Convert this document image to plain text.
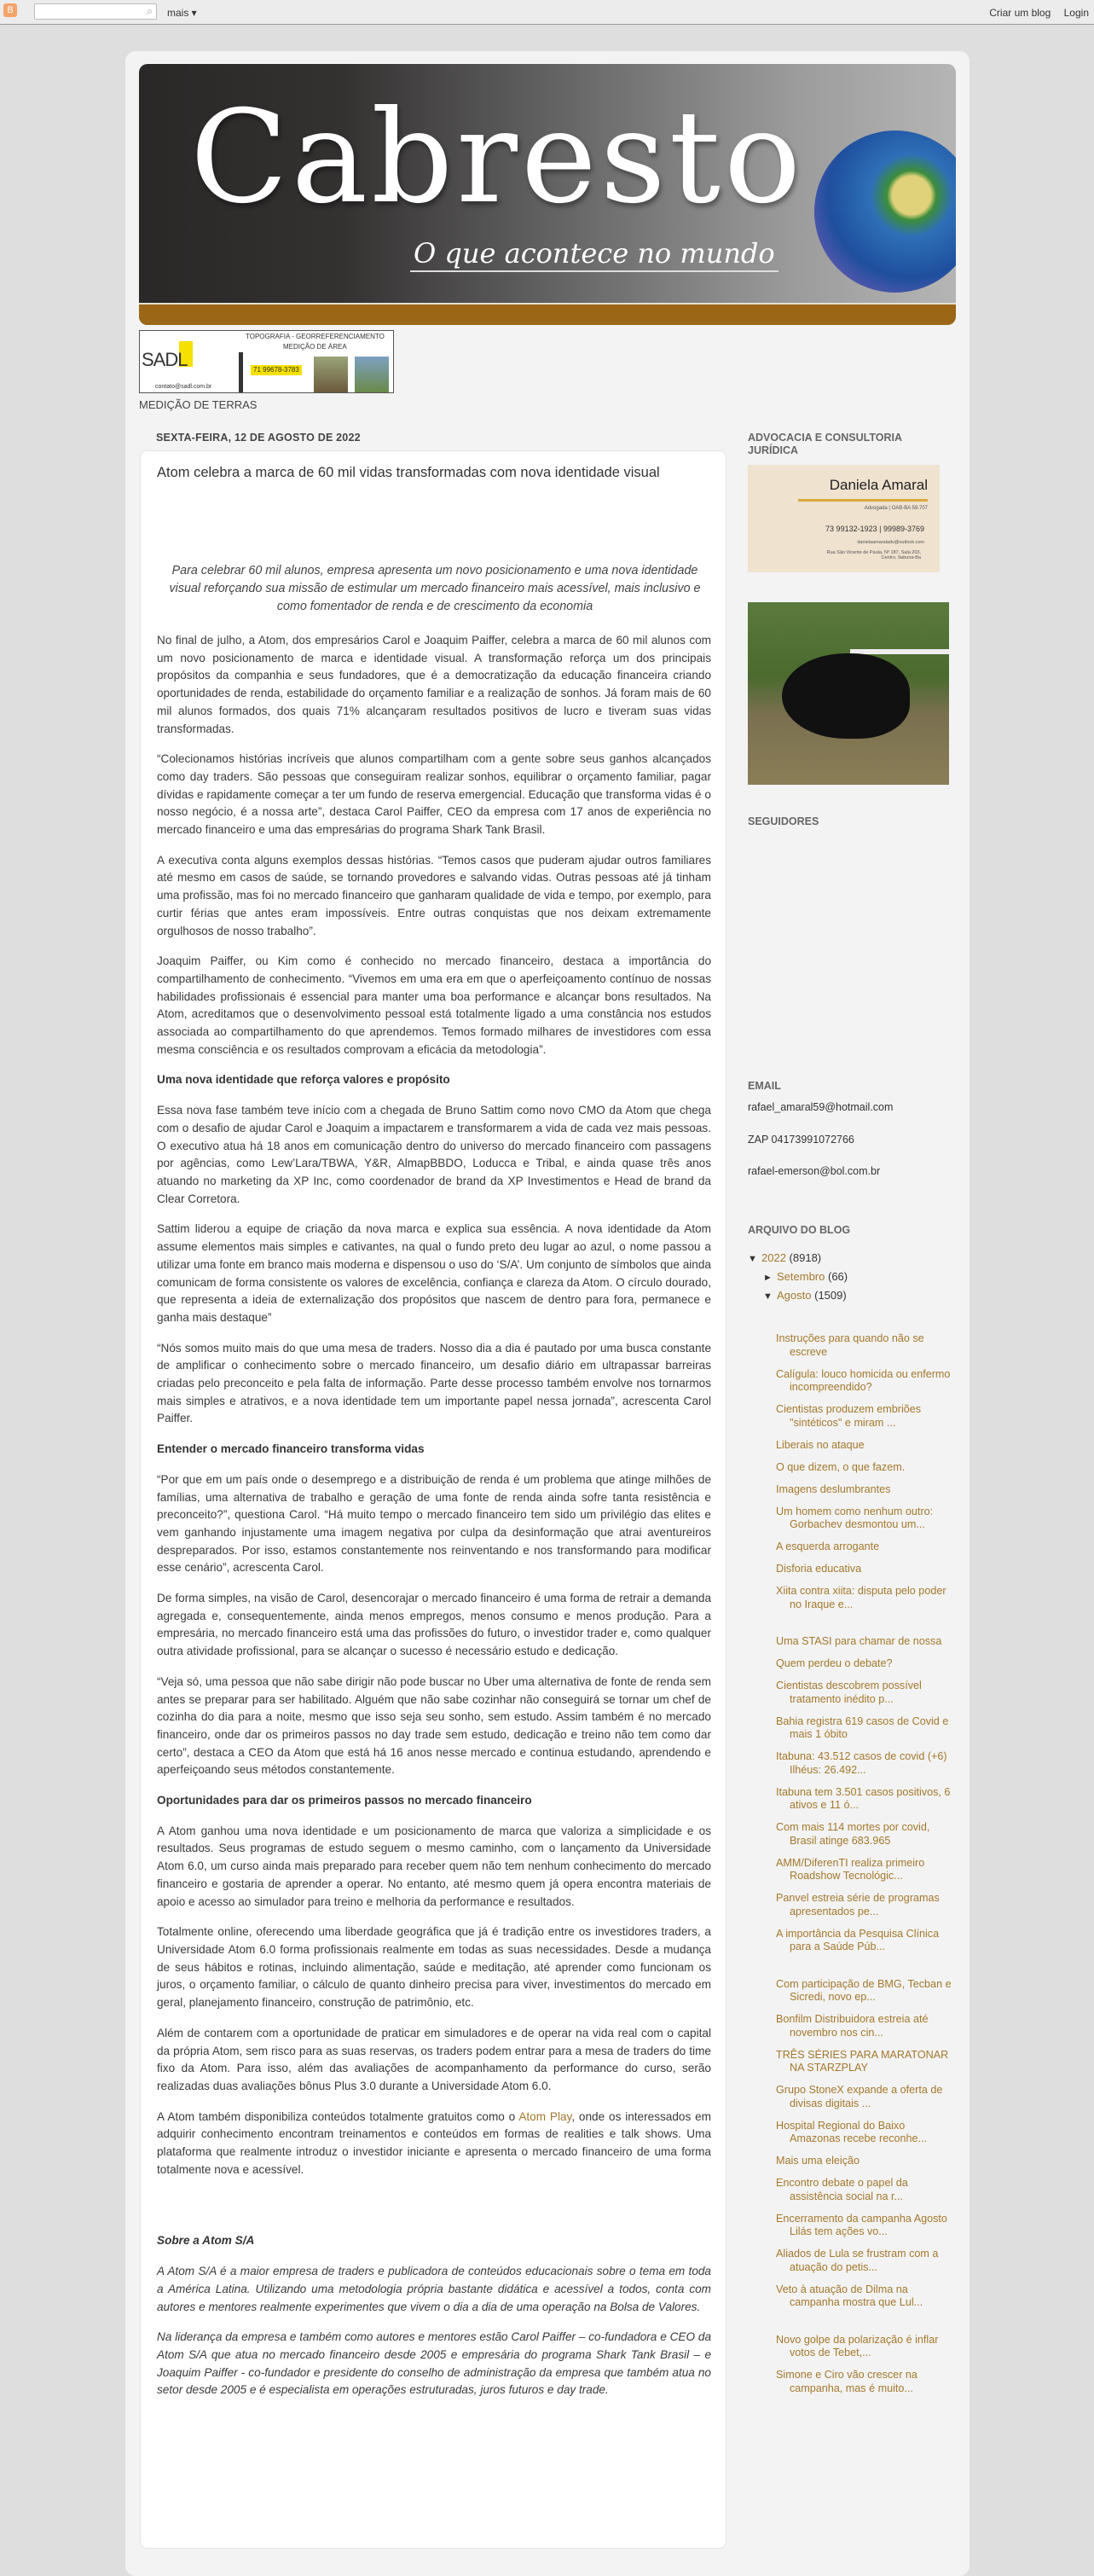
B	⌕ mais ▾	Criar um blog Login
Cabresto
O que acontece no mundo
SADL
TOPOGRAFIA - GEORREFERENCIAMENTO
MEDIÇÃO DE ÁREA
71 99678-3783
contato@sadl.com.br
MEDIÇÃO DE TERRAS
SEXTA-FEIRA, 12 DE AGOSTO DE 2022
Atom celebra a marca de 60 mil vidas transformadas com nova identidade visual
Para celebrar 60 mil alunos, empresa apresenta um novo posicionamento e uma nova identidade visual reforçando sua missão de estimular um mercado financeiro mais acessível, mais inclusivo e como fomentador de renda e de crescimento da economia

No final de julho, a Atom, dos empresários Carol e Joaquim Paiffer, celebra a marca de 60 mil alunos com um novo posicionamento de marca e identidade visual. A transformação reforça um dos principais propósitos da companhia e seus fundadores, que é a democratização da educação financeira criando oportunidades de renda, estabilidade do orçamento familiar e a realização de sonhos. Já foram mais de 60 mil alunos formados, dos quais 71% alcançaram resultados positivos de lucro e tiveram suas vidas transformadas.

“Colecionamos histórias incríveis que alunos compartilham com a gente sobre seus ganhos alcançados como day traders. São pessoas que conseguiram realizar sonhos, equilibrar o orçamento familiar, pagar dívidas e rapidamente começar a ter um fundo de reserva emergencial. Educação que transforma vidas é o nosso negócio, é a nossa arte”, destaca Carol Paiffer, CEO da empresa com 17 anos de experiência no mercado financeiro e uma das empresárias do programa Shark Tank Brasil.

A executiva conta alguns exemplos dessas histórias. “Temos casos que puderam ajudar outros familiares até mesmo em casos de saúde, se tornando provedores e salvando vidas. Outras pessoas até já tinham uma profissão, mas foi no mercado financeiro que ganharam qualidade de vida e tempo, por exemplo, para curtir férias que antes eram impossíveis. Entre outras conquistas que nos deixam extremamente orgulhosos de nosso trabalho”.

Joaquim Paiffer, ou Kim como é conhecido no mercado financeiro, destaca a importância do compartilhamento de conhecimento. “Vivemos em uma era em que o aperfeiçoamento contínuo de nossas habilidades profissionais é essencial para manter uma boa performance e alcançar bons resultados. Na Atom, acreditamos que o desenvolvimento pessoal está totalmente ligado a uma constância nos estudos associada ao compartilhamento do que aprendemos. Temos formado milhares de investidores com essa mesma consciência e os resultados comprovam a eficácia da metodologia”.

Uma nova identidade que reforça valores e propósito

Essa nova fase também teve início com a chegada de Bruno Sattim como novo CMO da Atom que chega com o desafio de ajudar Carol e Joaquim a impactarem e transformarem a vida de cada vez mais pessoas. O executivo atua há 18 anos em comunicação dentro do universo do mercado financeiro com passagens por agências, como Lew’Lara/TBWA, Y&R, AlmapBBDO, Loducca e Tribal, e ainda quase três anos atuando no marketing da XP Inc, como coordenador de brand da XP Investimentos e Head de brand da Clear Corretora.

Sattim liderou a equipe de criação da nova marca e explica sua essência. A nova identidade da Atom assume elementos mais simples e cativantes, na qual o fundo preto deu lugar ao azul, o nome passou a utilizar uma fonte em branco mais moderna e dispensou o uso do ‘S/A’. Um conjunto de símbolos que ainda comunicam de forma consistente os valores de excelência, confiança e clareza da Atom. O círculo dourado, que representa a ideia de externalização dos propósitos que nascem de dentro para fora, permanece e ganha mais destaque”

“Nós somos muito mais do que uma mesa de traders. Nosso dia a dia é pautado por uma busca constante de amplificar o conhecimento sobre o mercado financeiro, um desafio diário em ultrapassar barreiras criadas pelo preconceito e pela falta de informação. Parte desse processo também envolve nos tornarmos mais simples e atrativos, e a nova identidade tem um importante papel nessa jornada”, acrescenta Carol Paiffer.

Entender o mercado financeiro transforma vidas

“Por que em um país onde o desemprego e a distribuição de renda é um problema que atinge milhões de famílias, uma alternativa de trabalho e geração de uma fonte de renda ainda sofre tanta resistência e preconceito?”, questiona Carol. “Há muito tempo o mercado financeiro tem sido um privilégio das elites e vem ganhando injustamente uma imagem negativa por culpa da desinformação que atrai aventureiros despreparados. Por isso, estamos constantemente nos reinventando e nos transformando para modificar esse cenário”, acrescenta Carol.

De forma simples, na visão de Carol, desencorajar o mercado financeiro é uma forma de retrair a demanda agregada e, consequentemente, ainda menos empregos, menos consumo e menos produção. Para a empresária, no mercado financeiro está uma das profissões do futuro, o investidor trader e, como qualquer outra atividade profissional, para se alcançar o sucesso é necessário estudo e dedicação.

“Veja só, uma pessoa que não sabe dirigir não pode buscar no Uber uma alternativa de fonte de renda sem antes se preparar para ser habilitado. Alguém que não sabe cozinhar não conseguirá se tornar um chef de cozinha do dia para a noite, mesmo que isso seja seu sonho, sem estudo. Assim também é no mercado financeiro, onde dar os primeiros passos no day trade sem estudo, dedicação e treino não tem como dar certo”, destaca a CEO da Atom que está há 16 anos nesse mercado e continua estudando, aprendendo e aperfeiçoando seus métodos constantemente.

Oportunidades para dar os primeiros passos no mercado financeiro

A Atom ganhou uma nova identidade e um posicionamento de marca que valoriza a simplicidade e os resultados. Seus programas de estudo seguem o mesmo caminho, com o lançamento da Universidade Atom 6.0, um curso ainda mais preparado para receber quem não tem nenhum conhecimento do mercado financeiro e gostaria de aprender a operar. No entanto, até mesmo quem já opera encontra materiais de apoio e acesso ao simulador para treino e melhoria da performance e resultados.

Totalmente online, oferecendo uma liberdade geográfica que já é tradição entre os investidores traders, a Universidade Atom 6.0 forma profissionais realmente em todas as suas necessidades. Desde a mudança de seus hábitos e rotinas, incluindo alimentação, saúde e meditação, até aprender como funcionam os juros, o orçamento familiar, o cálculo de quanto dinheiro precisa para viver, investimentos do mercado em geral, planejamento financeiro, construção de patrimônio, etc.

Além de contarem com a oportunidade de praticar em simuladores e de operar na vida real com o capital da própria Atom, sem risco para as suas reservas, os traders podem entrar para a mesa de traders do time fixo da Atom. Para isso, além das avaliações de acompanhamento da performance do curso, serão realizadas duas avaliações bônus Plus 3.0 durante a Universidade Atom 6.0.

A Atom também disponibiliza conteúdos totalmente gratuitos como o Atom Play, onde os interessados em adquirir conhecimento encontram treinamentos e conteúdos em formas de realities e talk shows. Uma plataforma que realmente introduz o investidor iniciante e apresenta o mercado financeiro de uma forma totalmente nova e acessível.

Sobre a Atom S/A

A Atom S/A é a maior empresa de traders e publicadora de conteúdos educacionais sobre o tema em toda a América Latina. Utilizando uma metodologia própria bastante didática e acessível a todos, conta com autores e mentores realmente experimentes que vivem o dia a dia de uma operação na Bolsa de Valores.

Na liderança da empresa e também como autores e mentores estão Carol Paiffer – co-fundadora e CEO da Atom S/A que atua no mercado financeiro desde 2005 e empresária do programa Shark Tank Brasil – e Joaquim Paiffer - co-fundador e presidente do conselho de administração da empresa que também atua no setor desde 2005 e é especialista em operações estruturadas, juros futuros e day trade.

ADVOCACIA E CONSULTORIA JURÍDICA
Daniela Amaral
Advogada | OAB-BA 59.707
73 99132-1923 | 99989-3769
danielaamaraladv@outlook.com
Rua São Vicente de Paula, Nº 187, Sala 203, Centro, Itabuna-Ba
SEGUIDORES
EMAIL
rafael_amaral59@hotmail.com
ZAP 04173991072766
rafael-emerson@bol.com.br
ARQUIVO DO BLOG
▼ 2022 (8918)
► Setembro (66)
▼ Agosto (1509)
Instruções para quando não se escreve
Calígula: louco homicida ou enfermo incompreendido?
Cientistas produzem embriões "sintéticos" e miram ...
Liberais no ataque
O que dizem, o que fazem.
Imagens deslumbrantes
Um homem como nenhum outro: Gorbachev desmontou um...
A esquerda arrogante
Disforia educativa
Xiita contra xiita: disputa pelo poder no Iraque e...
Uma STASI para chamar de nossa
Quem perdeu o debate?
Cientistas descobrem possível tratamento inédito p...
Bahia registra 619 casos de Covid e mais 1 óbito
Itabuna: 43.512 casos de covid (+6) Ilhéus: 26.492...
Itabuna tem 3.501 casos positivos, 6 ativos e 11 ó...
Com mais 114 mortes por covid, Brasil atinge 683.965
AMM/DiferenTI realiza primeiro Roadshow Tecnológic...
Panvel estreia série de programas apresentados pe...
A importância da Pesquisa Clínica para a Saúde Púb...
Com participação de BMG, Tecban e Sicredi, novo ep...
Bonfilm Distribuidora estreia até novembro nos cin...
TRÊS SÉRIES PARA MARATONAR NA STARZPLAY
Grupo StoneX expande a oferta de divisas digitais ...
Hospital Regional do Baixo Amazonas recebe reconhe...
Mais uma eleição
Encontro debate o papel da assistência social na r...
Encerramento da campanha Agosto Lilás tem ações vo...
Aliados de Lula se frustram com a atuação do petis...
Veto à atuação de Dilma na campanha mostra que Lul...
Novo golpe da polarização é inflar votos de Tebet,...
Simone e Ciro vão crescer na campanha, mas é muito...
